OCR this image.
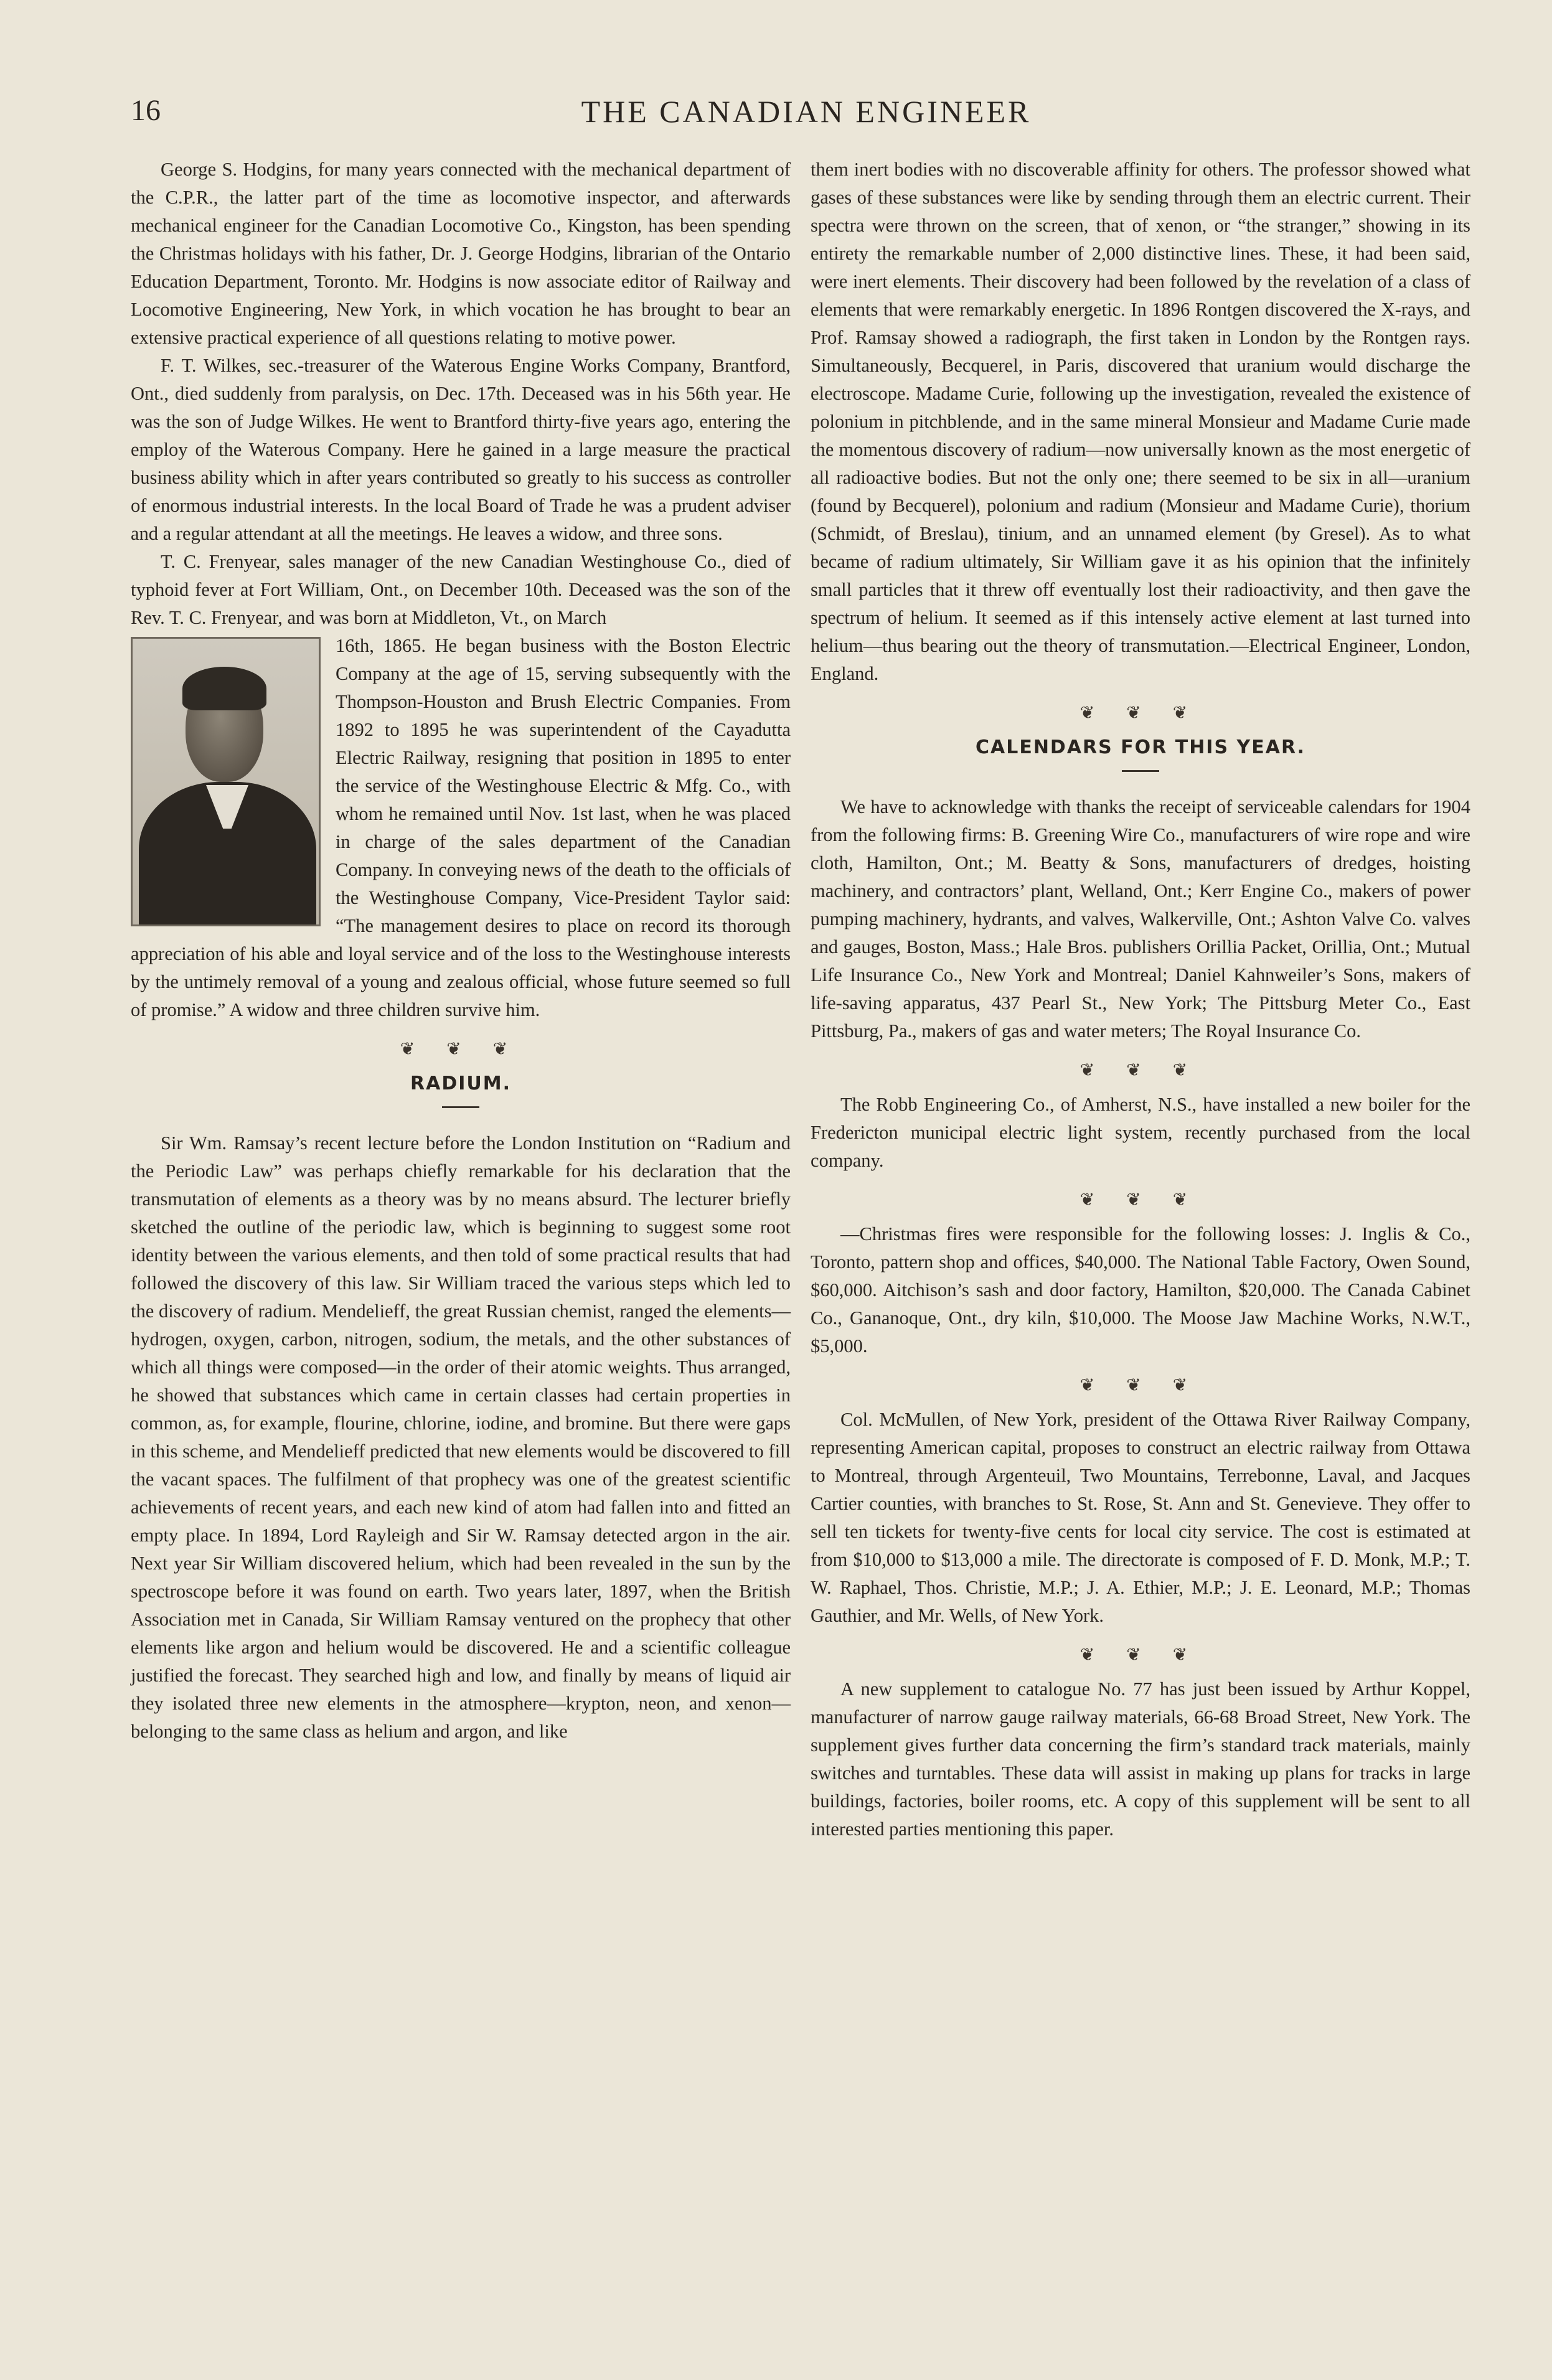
16	THE CANADIAN ENGINEER

George S. Hodgins, for many years connected with the mechanical department of the C.P.R., the latter part of the time as locomotive inspector, and afterwards mechanical engineer for the Canadian Locomotive Co., Kingston, has been spending the Christmas holidays with his father, Dr. J. George Hodgins, librarian of the Ontario Education Department, Toronto. Mr. Hodgins is now associate editor of Railway and Locomotive Engineering, New York, in which vocation he has brought to bear an extensive practical experience of all questions relating to motive power.

F. T. Wilkes, sec.-treasurer of the Waterous Engine Works Company, Brantford, Ont., died suddenly from paralysis, on Dec. 17th. Deceased was in his 56th year. He was the son of Judge Wilkes. He went to Brantford thirty-five years ago, entering the employ of the Waterous Company. Here he gained in a large measure the practical business ability which in after years contributed so greatly to his success as controller of enormous industrial interests. In the local Board of Trade he was a prudent adviser and a regular attendant at all the meetings. He leaves a widow, and three sons.

T. C. Frenyear, sales manager of the new Canadian Westinghouse Co., died of typhoid fever at Fort William, Ont., on December 10th. Deceased was the son of the Rev. T. C. Frenyear, and was born at Middleton, Vt., on March

16th, 1865. He began business with the Boston Electric Company at the age of 15, serving subsequently with the Thompson-Houston and Brush Electric Companies. From 1892 to 1895 he was superintendent of the Cayadutta Electric Railway, resigning that position in 1895 to enter the service of the Westinghouse Electric & Mfg. Co., with whom he remained until Nov. 1st last, when he was placed in charge of the sales department of the Canadian Company. In conveying news of the death to the officials of the Westinghouse Company, Vice-President Taylor said: “The management desires to place on record its thorough appreciation of his able and loyal service and of the loss to the Westinghouse interests by the untimely removal of a young and zealous official, whose future seemed so full of promise.” A widow and three children survive him.

❦ ❦ ❦
RADIUM.

Sir Wm. Ramsay’s recent lecture before the London Institution on “Radium and the Periodic Law” was perhaps chiefly remarkable for his declaration that the transmutation of elements as a theory was by no means absurd. The lecturer briefly sketched the outline of the periodic law, which is beginning to suggest some root identity between the various elements, and then told of some practical results that had followed the discovery of this law. Sir William traced the various steps which led to the discovery of radium. Mendelieff, the great Russian chemist, ranged the elements—hydrogen, oxygen, carbon, nitrogen, sodium, the metals, and the other substances of which all things were composed—in the order of their atomic weights. Thus arranged, he showed that substances which came in certain classes had certain properties in common, as, for example, flourine, chlorine, iodine, and bromine. But there were gaps in this scheme, and Mendelieff predicted that new elements would be discovered to fill the vacant spaces. The fulfilment of that prophecy was one of the greatest scientific achievements of recent years, and each new kind of atom had fallen into and fitted an empty place. In 1894, Lord Rayleigh and Sir W. Ramsay detected argon in the air. Next year Sir William discovered helium, which had been revealed in the sun by the spectroscope before it was found on earth. Two years later, 1897, when the British Association met in Canada, Sir William Ramsay ventured on the prophecy that other elements like argon and helium would be discovered. He and a scientific colleague justified the forecast. They searched high and low, and finally by means of liquid air they isolated three new elements in the atmosphere—krypton, neon, and xenon—belonging to the same class as helium and argon, and like

them inert bodies with no discoverable affinity for others. The professor showed what gases of these substances were like by sending through them an electric current. Their spectra were thrown on the screen, that of xenon, or “the stranger,” showing in its entirety the remarkable number of 2,000 distinctive lines. These, it had been said, were inert elements. Their discovery had been followed by the revelation of a class of elements that were remarkably energetic. In 1896 Rontgen discovered the X-rays, and Prof. Ramsay showed a radiograph, the first taken in London by the Rontgen rays. Simultaneously, Becquerel, in Paris, discovered that uranium would discharge the electroscope. Madame Curie, following up the investigation, revealed the existence of polonium in pitchblende, and in the same mineral Monsieur and Madame Curie made the momentous discovery of radium—now universally known as the most energetic of all radioactive bodies. But not the only one; there seemed to be six in all—uranium (found by Becquerel), polonium and radium (Monsieur and Madame Curie), thorium (Schmidt, of Breslau), tinium, and an unnamed element (by Gresel). As to what became of radium ultimately, Sir William gave it as his opinion that the infinitely small particles that it threw off eventually lost their radioactivity, and then gave the spectrum of helium. It seemed as if this intensely active element at last turned into helium—thus bearing out the theory of transmutation.—Electrical Engineer, London, England.

❦ ❦ ❦
CALENDARS FOR THIS YEAR.

We have to acknowledge with thanks the receipt of serviceable calendars for 1904 from the following firms: B. Greening Wire Co., manufacturers of wire rope and wire cloth, Hamilton, Ont.; M. Beatty & Sons, manufacturers of dredges, hoisting machinery, and contractors’ plant, Welland, Ont.; Kerr Engine Co., makers of power pumping machinery, hydrants, and valves, Walkerville, Ont.; Ashton Valve Co. valves and gauges, Boston, Mass.; Hale Bros. publishers Orillia Packet, Orillia, Ont.; Mutual Life Insurance Co., New York and Montreal; Daniel Kahnweiler’s Sons, makers of life-saving apparatus, 437 Pearl St., New York; The Pittsburg Meter Co., East Pittsburg, Pa., makers of gas and water meters; The Royal Insurance Co.

❦ ❦ ❦

The Robb Engineering Co., of Amherst, N.S., have installed a new boiler for the Fredericton municipal electric light system, recently purchased from the local company.

❦ ❦ ❦

—Christmas fires were responsible for the following losses: J. Inglis & Co., Toronto, pattern shop and offices, $40,000. The National Table Factory, Owen Sound, $60,000. Aitchison’s sash and door factory, Hamilton, $20,000. The Canada Cabinet Co., Gananoque, Ont., dry kiln, $10,000. The Moose Jaw Machine Works, N.W.T., $5,000.

❦ ❦ ❦

Col. McMullen, of New York, president of the Ottawa River Railway Company, representing American capital, proposes to construct an electric railway from Ottawa to Montreal, through Argenteuil, Two Mountains, Terrebonne, Laval, and Jacques Cartier counties, with branches to St. Rose, St. Ann and St. Genevieve. They offer to sell ten tickets for twenty-five cents for local city service. The cost is estimated at from $10,000 to $13,000 a mile. The directorate is composed of F. D. Monk, M.P.; T. W. Raphael, Thos. Christie, M.P.; J. A. Ethier, M.P.; J. E. Leonard, M.P.; Thomas Gauthier, and Mr. Wells, of New York.

❦ ❦ ❦

A new supplement to catalogue No. 77 has just been issued by Arthur Koppel, manufacturer of narrow gauge railway materials, 66-68 Broad Street, New York. The supplement gives further data concerning the firm’s standard track materials, mainly switches and turntables. These data will assist in making up plans for tracks in large buildings, factories, boiler rooms, etc. A copy of this supplement will be sent to all interested parties mentioning this paper.
